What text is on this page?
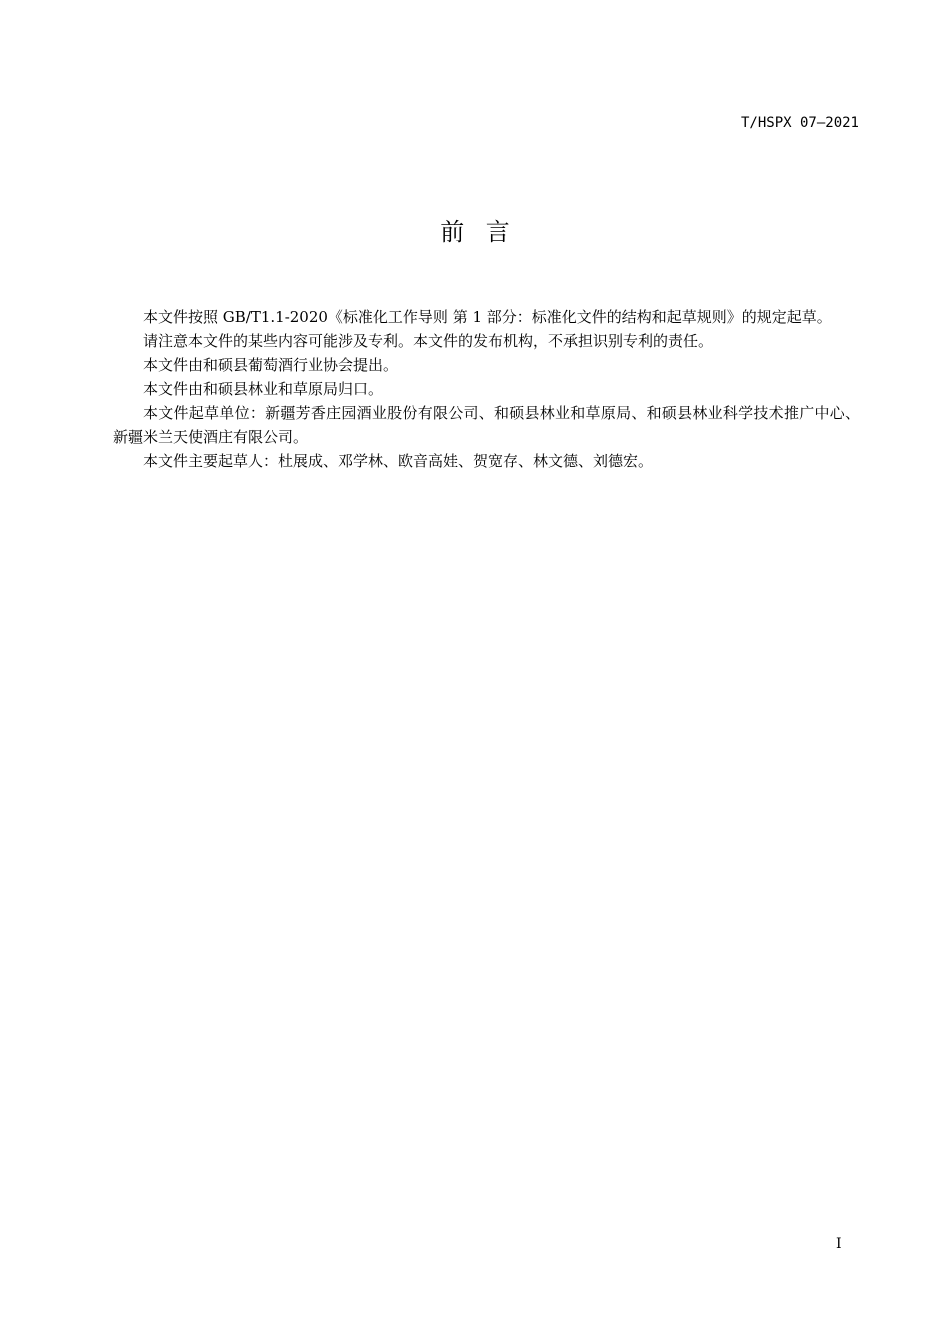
T/HSPX 07—2021
前言

本文件按照 GB/T1.1-2020《标准化工作导则 第 1 部分：标准化文件的结构和起草规则》的规定起草。

请注意本文件的某些内容可能涉及专利。本文件的发布机构，不承担识别专利的责任。

本文件由和硕县葡萄酒行业协会提出。

本文件由和硕县林业和草原局归口。

本文件起草单位：新疆芳香庄园酒业股份有限公司、和硕县林业和草原局、和硕县林业科学技术推广中心、新疆米兰天使酒庄有限公司。

本文件主要起草人：杜展成、邓学林、欧音高娃、贺宽存、林文德、刘德宏。

I
